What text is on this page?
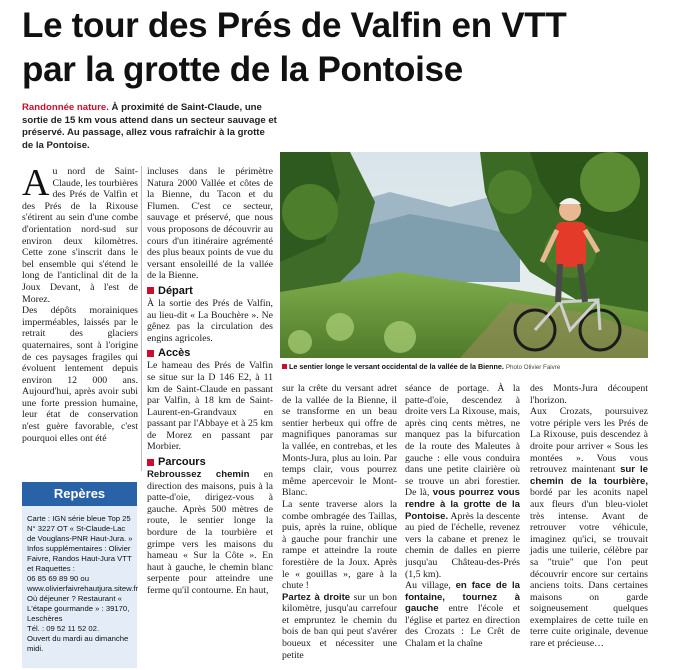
Le tour des Prés de Valfin en VTT
par la grotte de la Pontoise
Randonnée nature. À proximité de Saint-Claude, une sortie de 15 km vous attend dans un secteur sauvage et préservé. Au passage, allez vous rafraîchir à la grotte de la Pontoise.

Au nord de Saint-Claude, les tourbières des Prés de Valfin et des Prés de la Rixouse s'étirent au sein d'une combe d'orientation nord-sud sur environ deux kilomètres. Cette zone s'inscrit dans le bel ensemble qui s'étend le long de l'anticlinal dit de la Joux Devant, à l'est de Morez.

Des dépôts morainiques imperméables, laissés par le retrait des glaciers quaternaires, sont à l'origine de ces paysages fragiles qui évoluent lentement depuis environ 12 000 ans. Aujourd'hui, après avoir subi une forte pression humaine, leur état de conservation n'est guère favorable, c'est pourquoi elles ont été

incluses dans le périmètre Natura 2000 Vallée et côtes de la Bienne, du Tacon et du Flumen. C'est ce secteur, sauvage et préservé, que nous vous proposons de découvrir au cours d'un itinéraire agrémenté des plus beaux points de vue du versant ensoleillé de la vallée de la Bienne.

Départ

À la sortie des Prés de Valfin, au lieu-dit « La Bouchère ». Ne gênez pas la circulation des engins agricoles.

Accès

Le hameau des Prés de Valfin se situe sur la D 146 E2, à 11 km de Saint-Claude en passant par Valfin, à 18 km de Saint-Laurent-en-Grandvaux en passant par l'Abbaye et à 25 km de Morez en passant par Morbier.

Parcours

Rebroussez chemin en direction des maisons, puis à la patte-d'oie, dirigez-vous à gauche. Après 500 mètres de route, le sentier longe la bordure de la tourbière et grimpe vers les maisons du hameau « Sur la Côte ». En haut à gauche, le chemin blanc serpente pour atteindre une ferme qu'il contourne. En haut,

Le sentier longe le versant occidental de la vallée de la Bienne. Photo Olivier Faivre

sur la crête du versant adret de la vallée de la Bienne, il se transforme en un beau sentier herbeux qui offre de magnifiques panoramas sur la vallée, en contrebas, et les Monts-Jura, plus au loin. Par temps clair, vous pourrez même apercevoir le Mont-Blanc.

La sente traverse alors la combe ombragée des Taillas, puis, après la ruine, oblique à gauche pour franchir une rampe et atteindre la route forestière de la Joux. Après le « gouillas », gare à la chute !

Partez à droite sur un bon kilomètre, jusqu'au carrefour et empruntez le chemin du bois de ban qui peut s'avérer boueux et nécessiter une petite

séance de portage. À la patte-d'oie, descendez à droite vers La Rixouse, mais, après cinq cents mètres, ne manquez pas la bifurcation de la route des Maleutes à gauche : elle vous conduira dans une petite clairière où se trouve un abri forestier. De là, vous pourrez vous rendre à la grotte de la Pontoise. Après la descente au pied de l'échelle, revenez vers la cabane et prenez le chemin de dalles en pierre jusqu'au Château-des-Prés (1,5 km).

Au village, en face de la fontaine, tournez à gauche entre l'école et l'église et partez en direction des Crozats : Le Crêt de Chalam et la chaîne

des Monts-Jura découpent l'horizon.

Aux Crozats, poursuivez votre périple vers les Prés de La Rixouse, puis descendez à droite pour arriver « Sous les montées ». Vous vous retrouvez maintenant sur le chemin de la tourbière, bordé par les aconits napel aux fleurs d'un bleu-violet très intense. Avant de retrouver votre véhicule, imaginez qu'ici, se trouvait jadis une tuilerie, célèbre par sa "truie" que l'on peut découvrir encore sur certains anciens toits. Dans certaines maisons on garde soigneusement quelques exemplaires de cette tuile en terre cuite originale, devenue rare et précieuse…

Repères
Carte : IGN série bleue Top 25 N° 3227 OT « St-Claude-Lac de Vouglans-PNR Haut-Jura. »
Infos supplémentaires : Olivier Faivre, Randos Haut-Jura VTT et Raquettes :
06 85 69 89 90 ou www.olivierfaivrehautjura.sitew.fr
Où déjeuner ? Restaurant « L'étape gourmande » : 39170, Leschères
Tél. : 09 52 11 52 02.
Ouvert du mardi au dimanche midi.
